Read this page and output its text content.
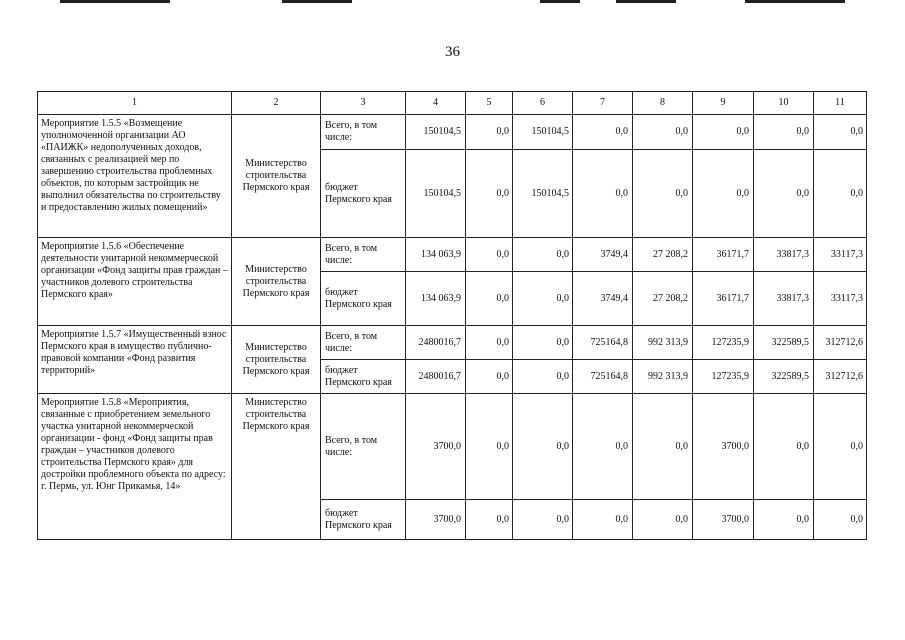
36
1	2	3	4	5	6	7	8	9	10	11
Мероприятие 1.5.5 «Возмещение уполномоченной организации АО «ПАИЖК» недополученных доходов, связанных с реализацией мер по завершению строительства проблемных объектов, по которым застройщик не выполнил обязательства по строительству и предоставлению жилых помещений»	Министерство строительства Пермского края	Всего, в том числе:	150104,5	0,0	150104,5	0,0	0,0	0,0	0,0	0,0
		бюджет Пермского края	150104,5	0,0	150104,5	0,0	0,0	0,0	0,0	0,0
Мероприятие 1.5.6 «Обеспечение деятельности унитарной некоммерческой организации «Фонд защиты прав граждан – участников долевого строительства Пермского края»	Министерство строительства Пермского края	Всего, в том числе:	134 063,9	0,0	0,0	3749,4	27 208,2	36171,7	33817,3	33117,3
		бюджет Пермского края	134 063,9	0,0	0,0	3749,4	27 208,2	36171,7	33817,3	33117,3
Мероприятие 1.5.7 «Имущественный взнос Пермского края в имущество публично-правовой компании «Фонд развития территорий»	Министерство строительства Пермского края	Всего, в том числе:	2480016,7	0,0	0,0	725164,8	992 313,9	127235,9	322589,5	312712,6
		бюджет Пермского края	2480016,7	0,0	0,0	725164,8	992 313,9	127235,9	322589,5	312712,6
Мероприятие 1.5.8 «Мероприятия, связанные с приобретением земельного участка унитарной некоммерческой организации - фонд «Фонд защиты прав граждан – участников долевого строительства Пермского края» для достройки проблемного объекта по адресу: г. Пермь, ул. Юнг Прикамья, 14»	Министерство строительства Пермского края	Всего, в том числе:	3700,0	0,0	0,0	0,0	0,0	3700,0	0,0	0,0
		бюджет Пермского края	3700,0	0,0	0,0	0,0	0,0	3700,0	0,0	0,0
